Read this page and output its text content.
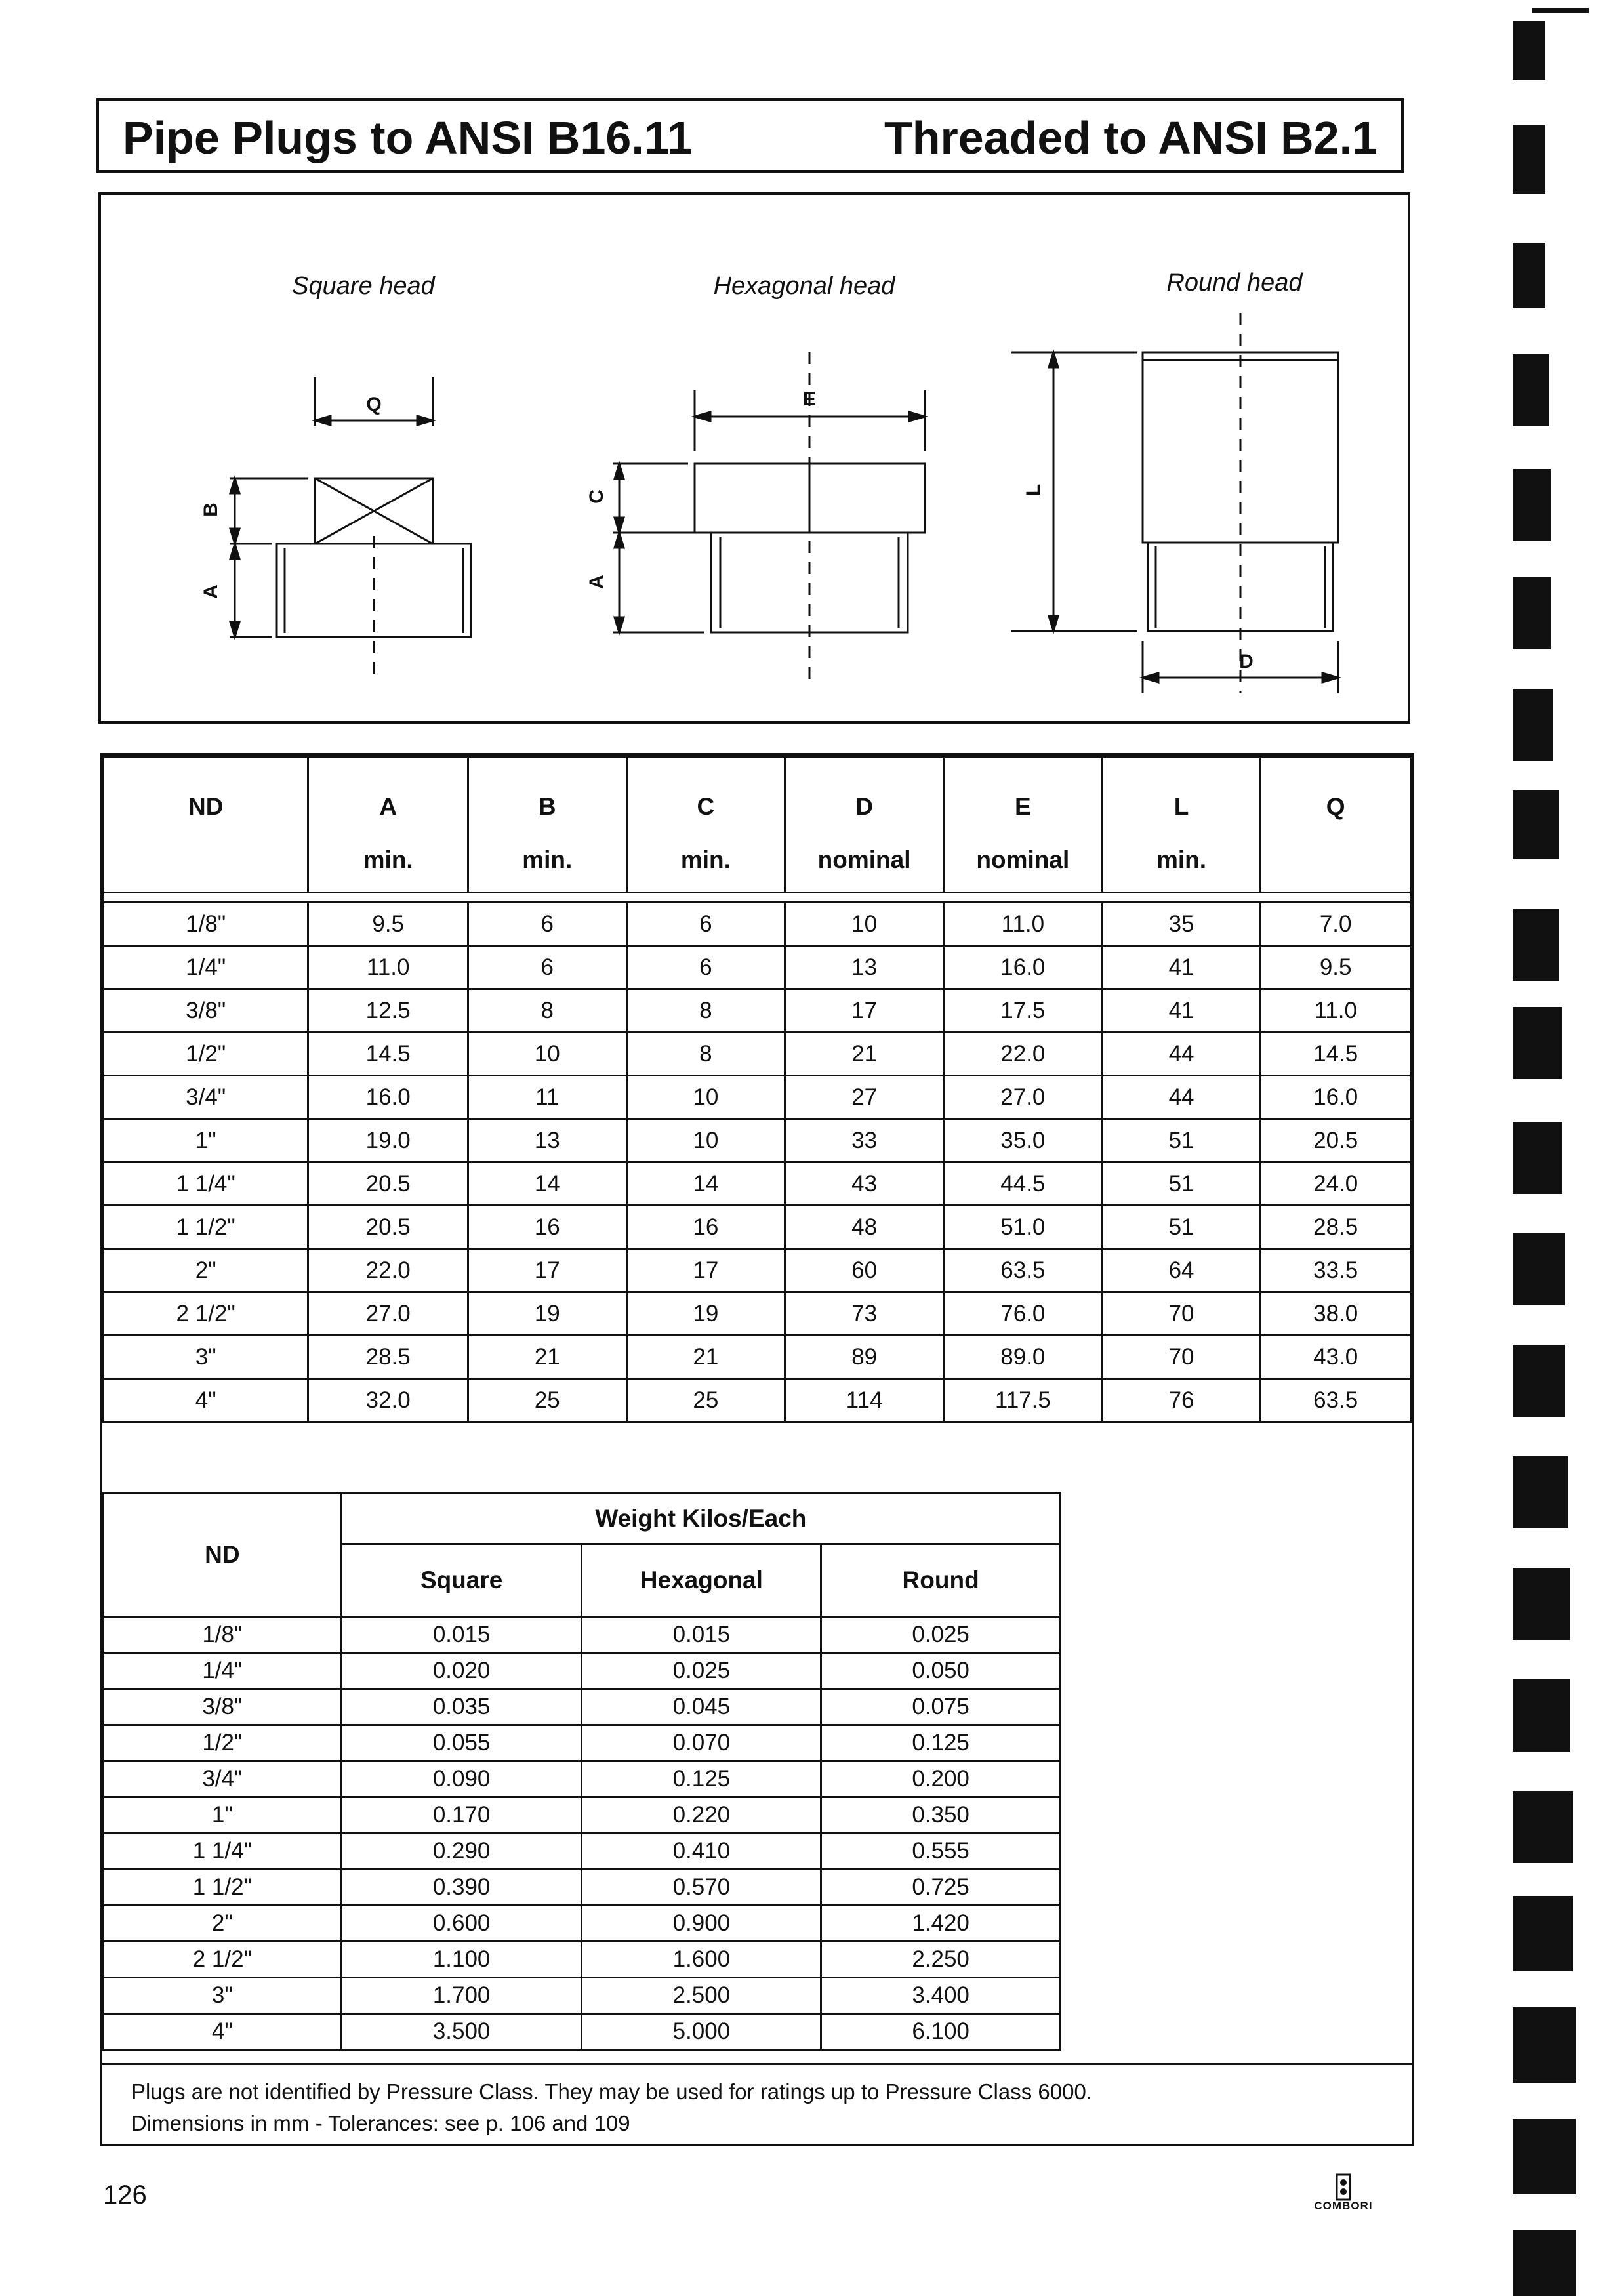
Pipe Plugs to ANSI B16.11	Threaded to ANSI B2.1
Square head	Hexagonal head	Round head
Q
B
A
E
C
A
L
D
ND	A	B	C	D	E	L	Q
	min.	min.	min.	nominal	nominal	min.	

1/8"	9.5	6	6	10	11.0	35	7.0
1/4"	11.0	6	6	13	16.0	41	9.5
3/8"	12.5	8	8	17	17.5	41	11.0
1/2"	14.5	10	8	21	22.0	44	14.5
3/4"	16.0	11	10	27	27.0	44	16.0
1"	19.0	13	10	33	35.0	51	20.5
1 1/4"	20.5	14	14	43	44.5	51	24.0
1 1/2"	20.5	16	16	48	51.0	51	28.5
2"	22.0	17	17	60	63.5	64	33.5
2 1/2"	27.0	19	19	73	76.0	70	38.0
3"	28.5	21	21	89	89.0	70	43.0
4"	32.0	25	25	114	117.5	76	63.5
ND	Weight Kilos/Each		
	Square	Hexagonal	Round
1/8"	0.015	0.015	0.025
1/4"	0.020	0.025	0.050
3/8"	0.035	0.045	0.075
1/2"	0.055	0.070	0.125
3/4"	0.090	0.125	0.200
1"	0.170	0.220	0.350
1 1/4"	0.290	0.410	0.555
1 1/2"	0.390	0.570	0.725
2"	0.600	0.900	1.420
2 1/2"	1.100	1.600	2.250
3"	1.700	2.500	3.400
4"	3.500	5.000	6.100
Plugs are not identified by Pressure Class. They may be used for ratings up to Pressure Class 6000.
Dimensions in mm - Tolerances: see p. 106 and 109
126	COMBORI
